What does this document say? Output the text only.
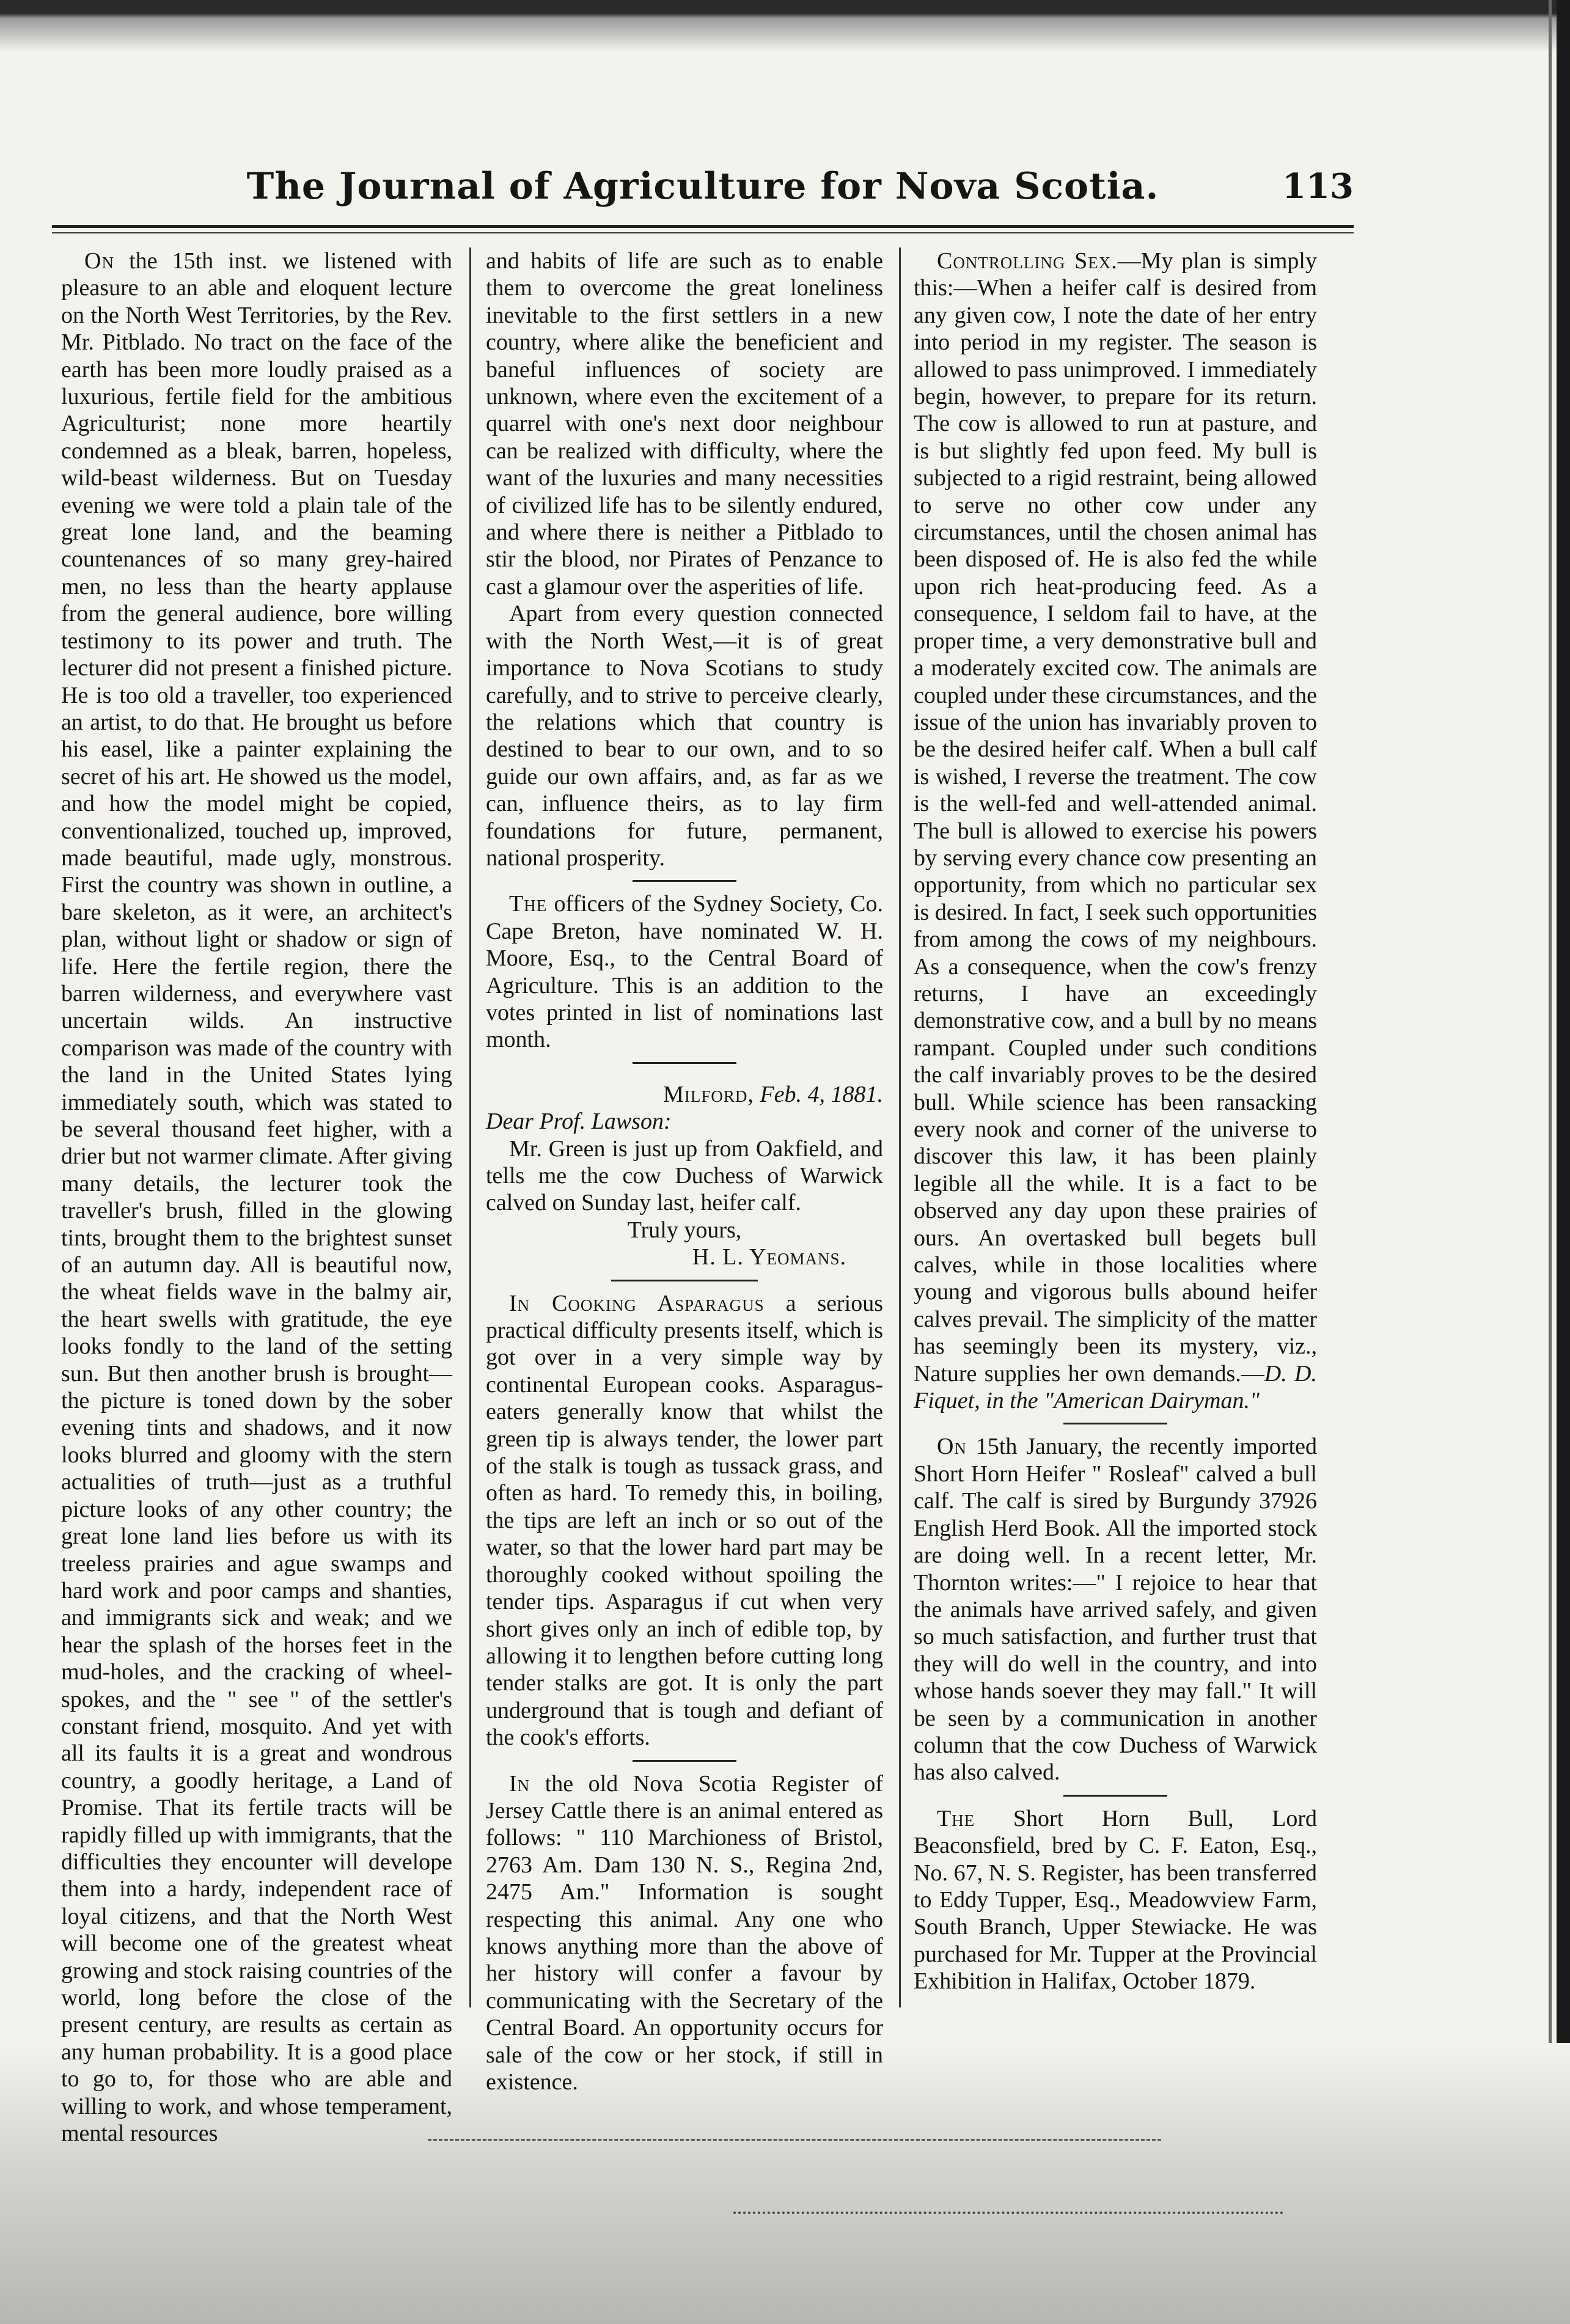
The Journal of Agriculture for Nova Scotia.	113

On the 15th inst. we listened with pleasure to an able and eloquent lecture on the North West Territories, by the Rev. Mr. Pitblado. No tract on the face of the earth has been more loudly praised as a luxurious, fertile field for the ambitious Agriculturist; none more heartily condemned as a bleak, barren, hopeless, wild-beast wilderness. But on Tuesday evening we were told a plain tale of the great lone land, and the beaming countenances of so many grey-haired men, no less than the hearty applause from the general audience, bore willing testimony to its power and truth. The lecturer did not present a finished picture. He is too old a traveller, too experienced an artist, to do that. He brought us before his easel, like a painter explaining the secret of his art. He showed us the model, and how the model might be copied, conventionalized, touched up, improved, made beautiful, made ugly, monstrous. First the country was shown in outline, a bare skeleton, as it were, an architect's plan, without light or shadow or sign of life. Here the fertile region, there the barren wilderness, and everywhere vast uncertain wilds. An instructive comparison was made of the country with the land in the United States lying immediately south, which was stated to be several thousand feet higher, with a drier but not warmer climate. After giving many details, the lecturer took the traveller's brush, filled in the glowing tints, brought them to the brightest sunset of an autumn day. All is beautiful now, the wheat fields wave in the balmy air, the heart swells with gratitude, the eye looks fondly to the land of the setting sun. But then another brush is brought—the picture is toned down by the sober evening tints and shadows, and it now looks blurred and gloomy with the stern actualities of truth—just as a truthful picture looks of any other country; the great lone land lies before us with its treeless prairies and ague swamps and hard work and poor camps and shanties, and immigrants sick and weak; and we hear the splash of the horses feet in the mud-holes, and the cracking of wheel-spokes, and the " see " of the settler's constant friend, mosquito. And yet with all its faults it is a great and wondrous country, a goodly heritage, a Land of Promise. That its fertile tracts will be rapidly filled up with immigrants, that the difficulties they encounter will develope them into a hardy, independent race of loyal citizens, and that the North West will become one of the greatest wheat growing and stock raising countries of the world, long before the close of the present century, are results as certain as any human probability. It is a good place to go to, for those who are able and willing to work, and whose temperament, mental resources

and habits of life are such as to enable them to overcome the great loneliness inevitable to the first settlers in a new country, where alike the beneficient and baneful influences of society are unknown, where even the excitement of a quarrel with one's next door neighbour can be realized with difficulty, where the want of the luxuries and many necessities of civilized life has to be silently endured, and where there is neither a Pitblado to stir the blood, nor Pirates of Penzance to cast a glamour over the asperities of life.

Apart from every question connected with the North West,—it is of great importance to Nova Scotians to study carefully, and to strive to perceive clearly, the relations which that country is destined to bear to our own, and to so guide our own affairs, and, as far as we can, influence theirs, as to lay firm foundations for future, permanent, national prosperity.

The officers of the Sydney Society, Co. Cape Breton, have nominated W. H. Moore, Esq., to the Central Board of Agriculture. This is an addition to the votes printed in list of nominations last month.

Milford, Feb. 4, 1881.

Dear Prof. Lawson:

Mr. Green is just up from Oakfield, and tells me the cow Duchess of Warwick calved on Sunday last, heifer calf.

Truly yours,

H. L. Yeomans.

In Cooking Asparagus a serious practical difficulty presents itself, which is got over in a very simple way by continental European cooks. Asparagus-eaters generally know that whilst the green tip is always tender, the lower part of the stalk is tough as tussack grass, and often as hard. To remedy this, in boiling, the tips are left an inch or so out of the water, so that the lower hard part may be thoroughly cooked without spoiling the tender tips. Asparagus if cut when very short gives only an inch of edible top, by allowing it to lengthen before cutting long tender stalks are got. It is only the part underground that is tough and defiant of the cook's efforts.

In the old Nova Scotia Register of Jersey Cattle there is an animal entered as follows: " 110 Marchioness of Bristol, 2763 Am. Dam 130 N. S., Regina 2nd, 2475 Am." Information is sought respecting this animal. Any one who knows anything more than the above of her history will confer a favour by communicating with the Secretary of the Central Board. An opportunity occurs for sale of the cow or her stock, if still in existence.

Controlling Sex.—My plan is simply this:—When a heifer calf is desired from any given cow, I note the date of her entry into period in my register. The season is allowed to pass unimproved. I immediately begin, however, to prepare for its return. The cow is allowed to run at pasture, and is but slightly fed upon feed. My bull is subjected to a rigid restraint, being allowed to serve no other cow under any circumstances, until the chosen animal has been disposed of. He is also fed the while upon rich heat-producing feed. As a consequence, I seldom fail to have, at the proper time, a very demonstrative bull and a moderately excited cow. The animals are coupled under these circumstances, and the issue of the union has invariably proven to be the desired heifer calf. When a bull calf is wished, I reverse the treatment. The cow is the well-fed and well-attended animal. The bull is allowed to exercise his powers by serving every chance cow presenting an opportunity, from which no particular sex is desired. In fact, I seek such opportunities from among the cows of my neighbours. As a consequence, when the cow's frenzy returns, I have an exceedingly demonstrative cow, and a bull by no means rampant. Coupled under such conditions the calf invariably proves to be the desired bull. While science has been ransacking every nook and corner of the universe to discover this law, it has been plainly legible all the while. It is a fact to be observed any day upon these prairies of ours. An overtasked bull begets bull calves, while in those localities where young and vigorous bulls abound heifer calves prevail. The simplicity of the matter has seemingly been its mystery, viz., Nature supplies her own demands.—D. D. Fiquet, in the "American Dairyman."

On 15th January, the recently imported Short Horn Heifer " Rosleaf" calved a bull calf. The calf is sired by Burgundy 37926 English Herd Book. All the imported stock are doing well. In a recent letter, Mr. Thornton writes:—" I rejoice to hear that the animals have arrived safely, and given so much satisfaction, and further trust that they will do well in the country, and into whose hands soever they may fall." It will be seen by a communication in another column that the cow Duchess of Warwick has also calved.

The Short Horn Bull, Lord Beaconsfield, bred by C. F. Eaton, Esq., No. 67, N. S. Register, has been transferred to Eddy Tupper, Esq., Meadowview Farm, South Branch, Upper Stewiacke. He was purchased for Mr. Tupper at the Provincial Exhibition in Halifax, October 1879.
